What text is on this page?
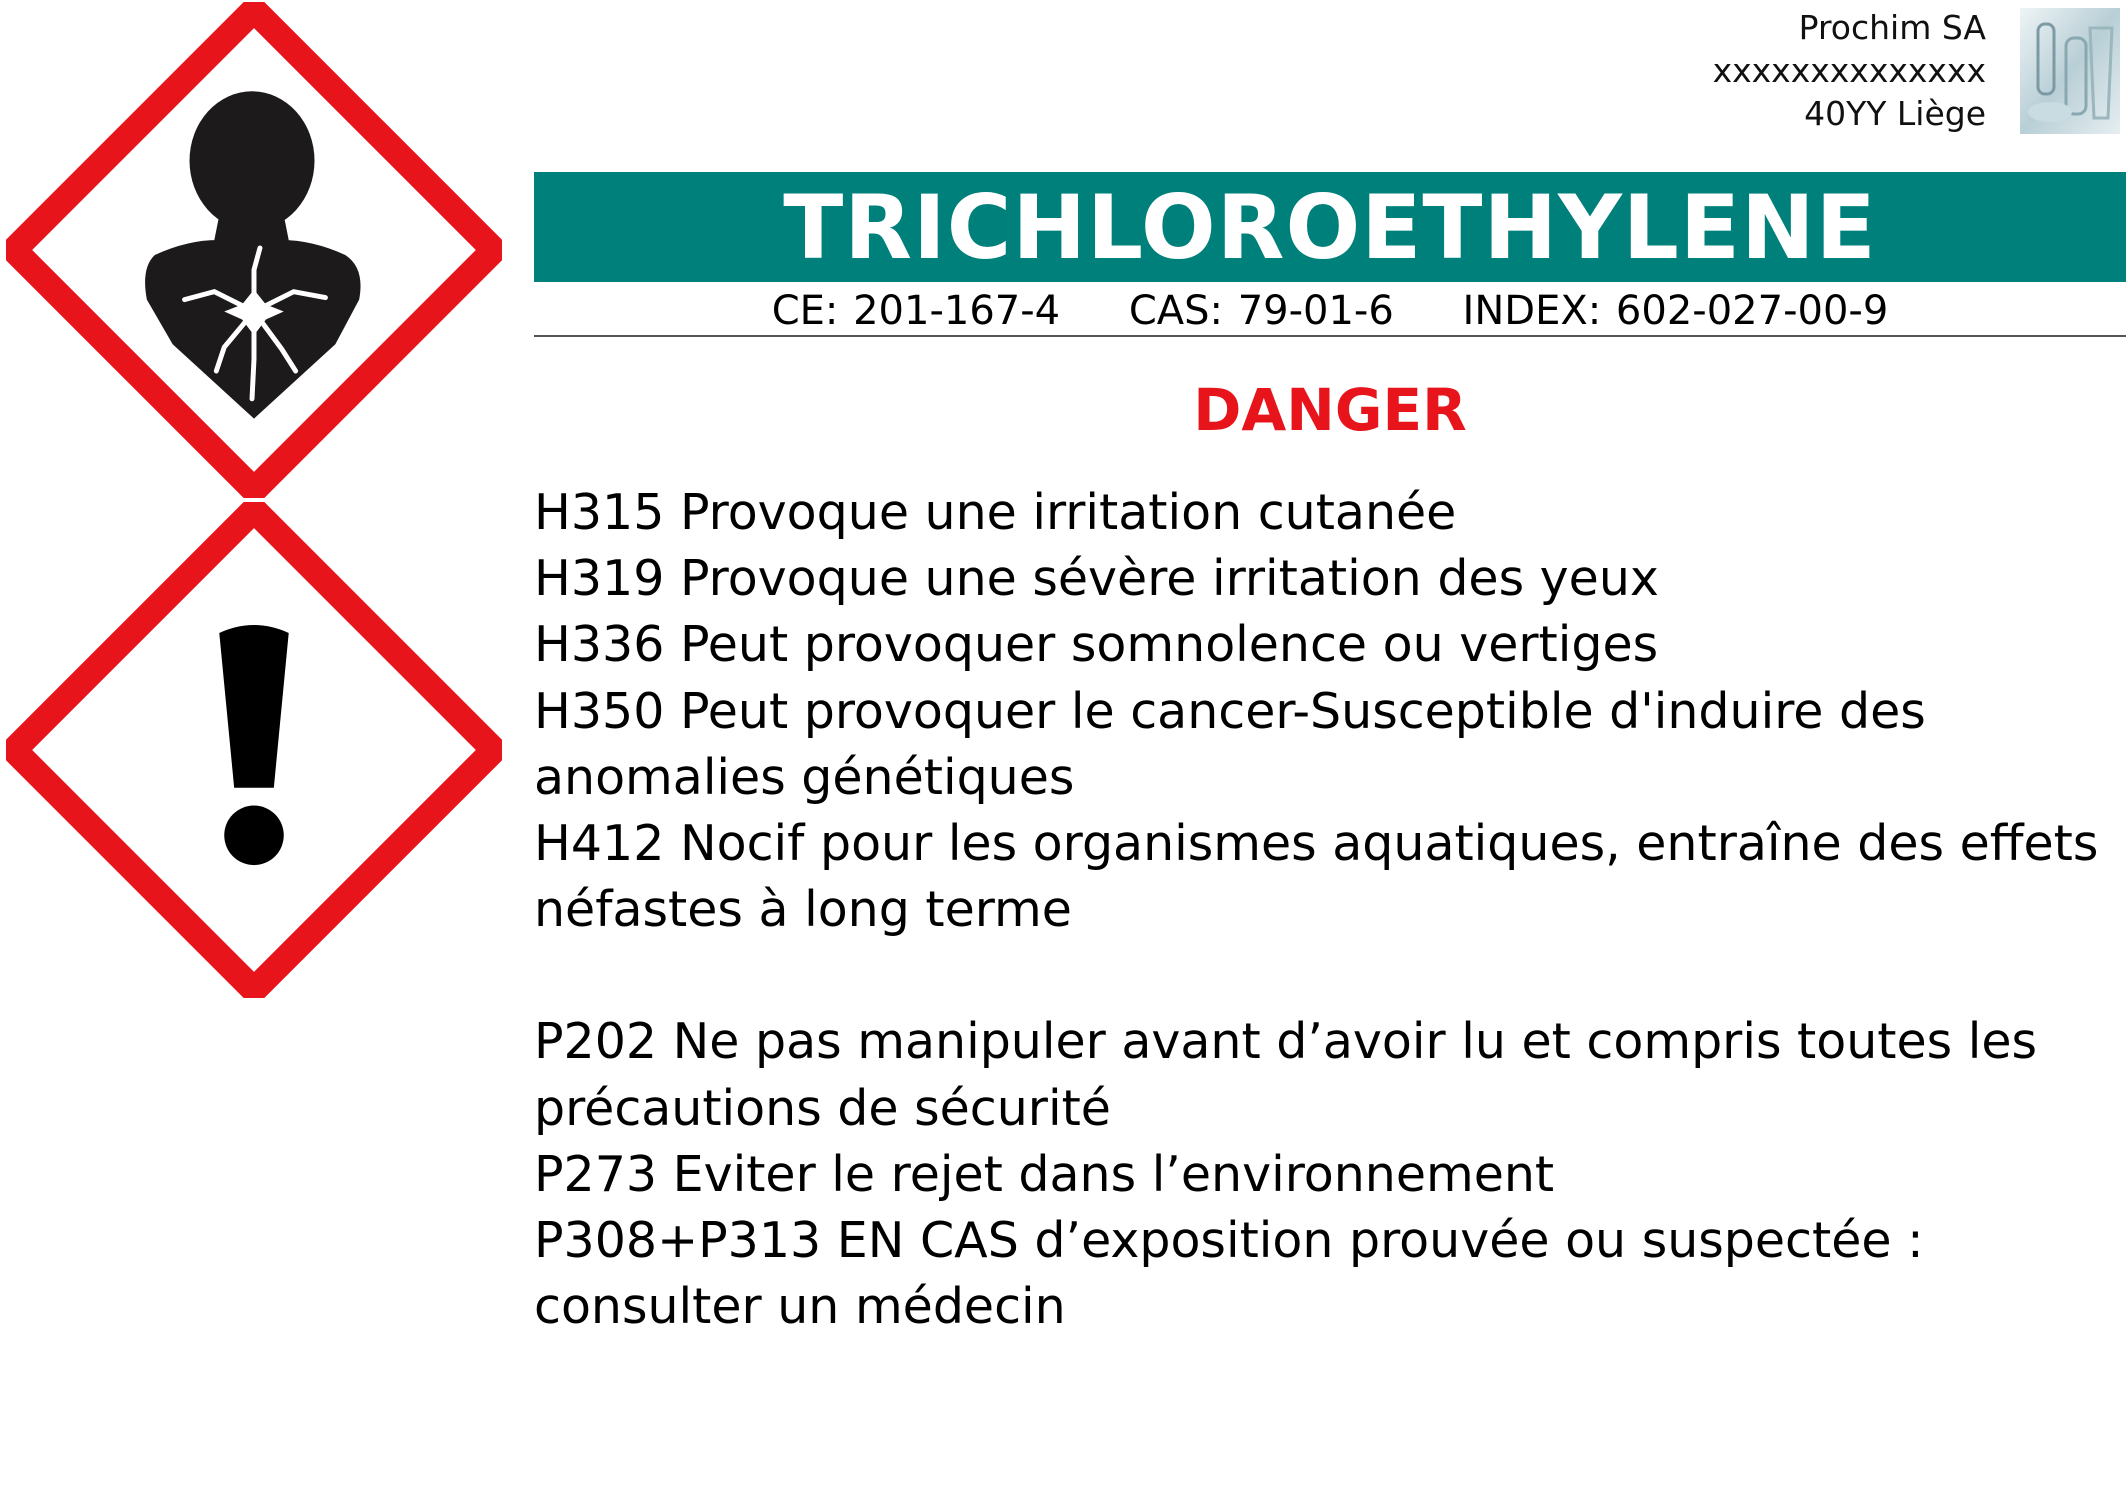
Prochim SA
xxxxxxxxxxxxxx
40YY Liège
TRICHLOROETHYLENE
CE: 201-167-4 CAS: 79-01-6 INDEX: 602-027-00-9
DANGER

H315 Provoque une irritation cutanée

H319 Provoque une sévère irritation des yeux

H336 Peut provoquer somnolence ou vertiges

H350 Peut provoquer le cancer-Susceptible d'induire des anomalies génétiques

H412 Nocif pour les organismes aquatiques, entraîne des effets néfastes à long terme

P202 Ne pas manipuler avant d’avoir lu et compris toutes les précautions de sécurité

P273 Eviter le rejet dans l’environnement

P308+P313 EN CAS d’exposition prouvée ou suspectée : consulter un médecin
